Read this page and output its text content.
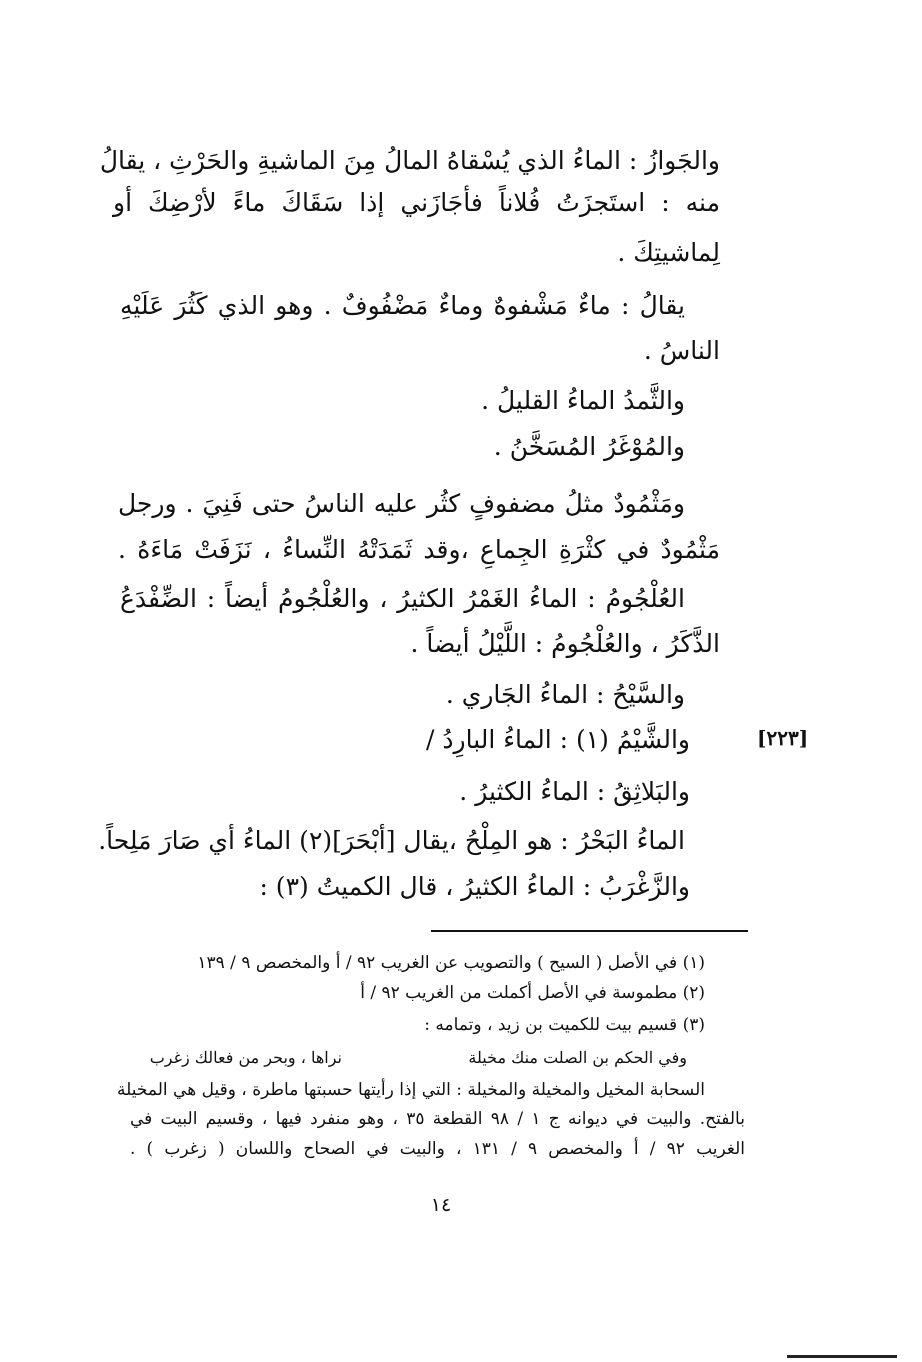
والجَوازُ : الماءُ الذي يُسْقاهُ المالُ مِنَ الماشيةِ والحَرْثِ ، يقالُ
منه : استَجزَتُ فُلاناً فأجَازَني إذا سَقَاكَ ماءً لأرْضِكَ أو
لِماشيتِكَ .
يقالُ : ماءٌ مَشْفوهٌ وماءٌ مَضْفُوفٌ . وهو الذي كَثُرَ عَلَيْهِ
الناسُ .
والثَّمدُ الماءُ القليلُ .
والمُوْغَرُ المُسَخَّنُ .
ومَثْمُودٌ مثلُ مضفوفٍ كثُر عليه الناسُ حتى فَنِيَ . ورجل
مَثْمُودٌ في كثْرَةِ الجِماعِ ،وقد ثَمَدَتْهُ النِّساءُ ، نَزَفَتْ مَاءَهُ .
العُلْجُومُ : الماءُ الغَمْرُ الكثيرُ ، والعُلْجُومُ أيضاً : الضِّفْدَعُ
الذَّكَرُ ، والعُلْجُومُ : اللَّيْلُ أيضاً .
والسَّيْحُ : الماءُ الجَاري .
[٢٢٣]
والشَّيْمُ (١) : الماءُ البارِدُ /
والبَلاثِقُ : الماءُ الكثيرُ .
الماءُ البَحْرُ : هو المِلْحُ ،يقال [أبْحَرَ](٢) الماءُ أي صَارَ مَلِحاً.
والزَّغْرَبُ : الماءُ الكثيرُ ، قال الكميتُ (٣) :
(١) في الأصل ( السيح ) والتصويب عن الغريب ٩٢ / أ والمخصص ٩ / ١٣٩
(٢) مطموسة في الأصل أكملت من الغريب ٩٢ / أ
(٣) قسيم بيت للكميت بن زيد ، وتمامه :
وفي الحكم بن الصلت منك مخيلة
نراها ، وبحر من فعالك زغرب
السحابة المخيل والمخيلة والمخيلة : التي إذا رأيتها حسبتها ماطرة ، وقيل هي المخيلة
بالفتح. والبيت في ديوانه ج ١ / ٩٨ القطعة ٣٥ ، وهو منفرد فيها ، وقسيم البيت في
الغريب ٩٢ / أ والمخصص ٩ / ١٣١ ، والبيت في الصحاح واللسان ( زغرب ) .
١٤
